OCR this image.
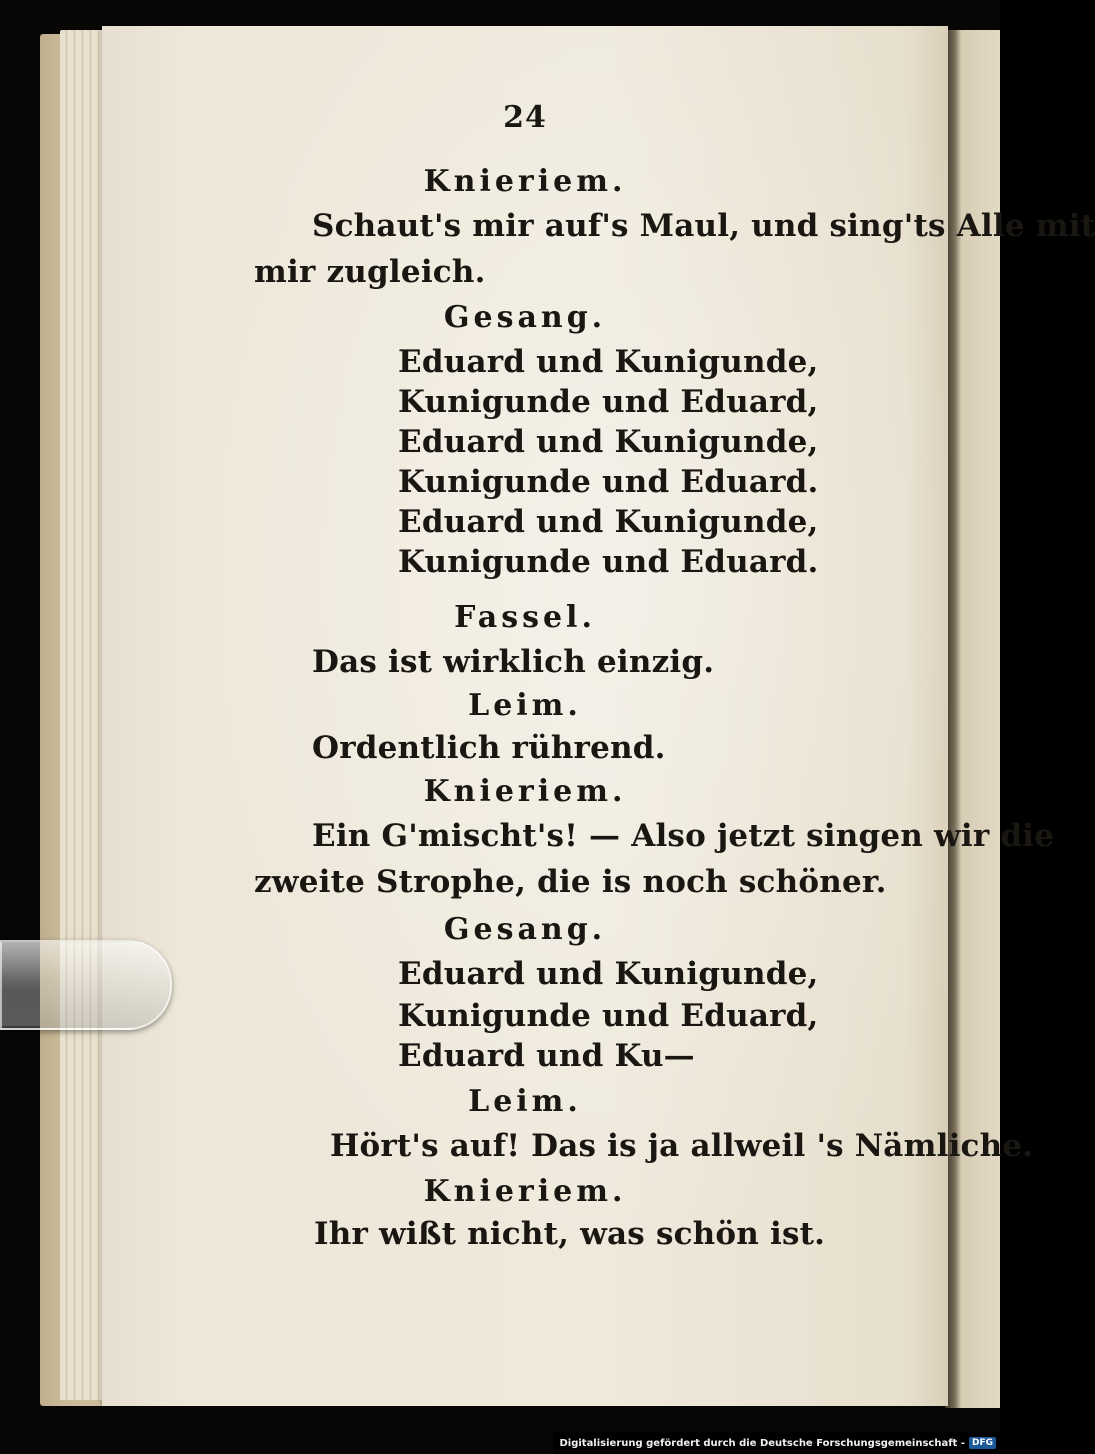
24
Knieriem.
Schaut's mir auf's Maul, und sing'ts Alle mit
mir zugleich.
Gesang.
Eduard und Kunigunde,
Kunigunde und Eduard,
Eduard und Kunigunde,
Kunigunde und Eduard.
Eduard und Kunigunde,
Kunigunde und Eduard.
Fassel.
Das ist wirklich einzig.
Leim.
Ordentlich rührend.
Knieriem.
Ein G'mischt's! — Also jetzt singen wir die
zweite Strophe, die is noch schöner.
Gesang.
Eduard und Kunigunde,
Kunigunde und Eduard,
Eduard und Ku—
Leim.
Hört's auf! Das is ja allweil 's Nämliche.
Knieriem.
Ihr wißt nicht, was schön ist.
Digitalisierung gefördert durch die Deutsche Forschungsgemeinschaft - DFG
